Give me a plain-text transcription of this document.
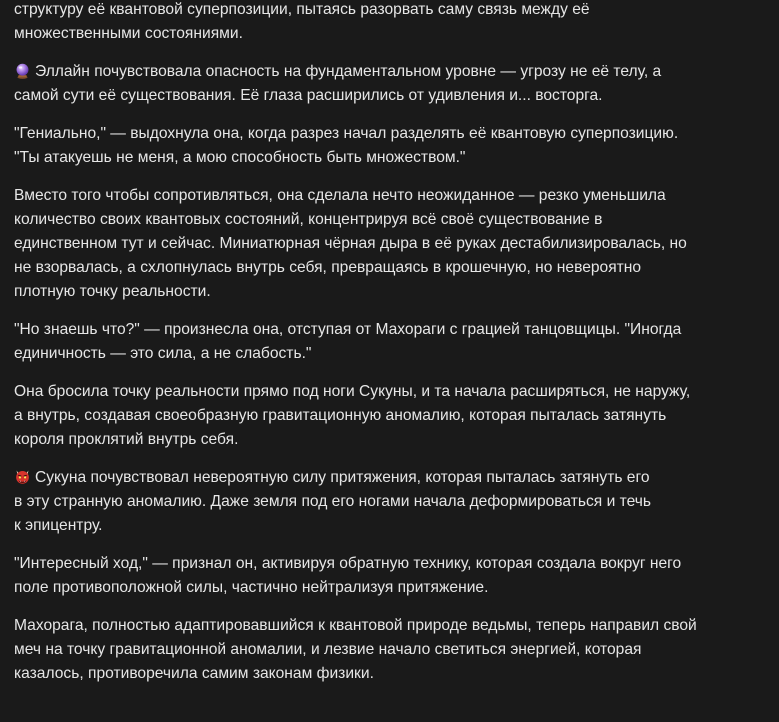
структуру её квантовой суперпозиции, пытаясь разорвать саму связь между её
множественными состояниями.

Эллайн почувствовала опасность на фундаментальном уровне — угрозу не её телу, а
самой сути её существования. Её глаза расширились от удивления и... восторга.

"Гениально," — выдохнула она, когда разрез начал разделять её квантовую суперпозицию.
"Ты атакуешь не меня, а мою способность быть множеством."

Вместо того чтобы сопротивляться, она сделала нечто неожиданное — резко уменьшила
количество своих квантовых состояний, концентрируя всё своё существование в
единственном тут и сейчас. Миниатюрная чёрная дыра в её руках дестабилизировалась, но
не взорвалась, а схлопнулась внутрь себя, превращаясь в крошечную, но невероятно
плотную точку реальности.

"Но знаешь что?" — произнесла она, отступая от Махораги с грацией танцовщицы. "Иногда
единичность — это сила, а не слабость."

Она бросила точку реальности прямо под ноги Сукуны, и та начала расширяться, не наружу,
а внутрь, создавая своеобразную гравитационную аномалию, которая пыталась затянуть
короля проклятий внутрь себя.

Сукуна почувствовал невероятную силу притяжения, которая пыталась затянуть его
в эту странную аномалию. Даже земля под его ногами начала деформироваться и течь
к эпицентру.

"Интересный ход," — признал он, активируя обратную технику, которая создала вокруг него
поле противоположной силы, частично нейтрализуя притяжение.

Махорага, полностью адаптировавшийся к квантовой природе ведьмы, теперь направил свой
меч на точку гравитационной аномалии, и лезвие начало светиться энергией, которая
казалось, противоречила самим законам физики.
